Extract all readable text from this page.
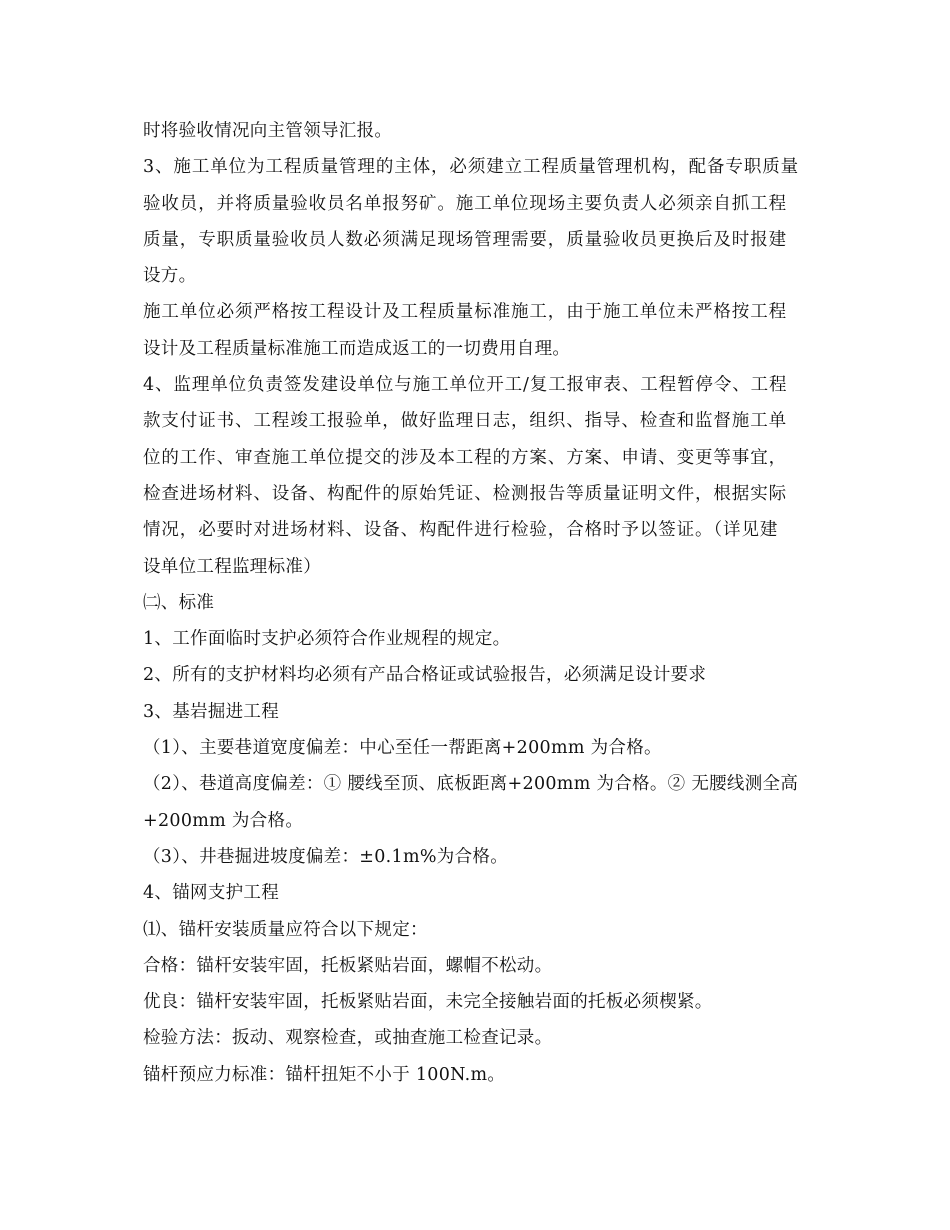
时将验收情况向主管领导汇报。
3、施工单位为工程质量管理的主体，必须建立工程质量管理机构，配备专职质量
验收员，并将质量验收员名单报努矿。施工单位现场主要负责人必须亲自抓工程
质量，专职质量验收员人数必须满足现场管理需要，质量验收员更换后及时报建
设方。
施工单位必须严格按工程设计及工程质量标准施工，由于施工单位未严格按工程
设计及工程质量标准施工而造成返工的一切费用自理。
4、监理单位负责签发建设单位与施工单位开工/复工报审表、工程暂停令、工程
款支付证书、工程竣工报验单，做好监理日志，组织、指导、检查和监督施工单
位的工作、审查施工单位提交的涉及本工程的方案、方案、申请、变更等事宜，
检查进场材料、设备、构配件的原始凭证、检测报告等质量证明文件，根据实际
情况，必要时对进场材料、设备、构配件进行检验，合格时予以签证。（详见建
设单位工程监理标准）
㈡、标准
1、工作面临时支护必须符合作业规程的规定。
2、所有的支护材料均必须有产品合格证或试验报告，必须满足设计要求
3、基岩掘进工程
（1）、主要巷道宽度偏差：中心至任一帮距离+200mm 为合格。
（2）、巷道高度偏差：① 腰线至顶、底板距离+200mm 为合格。② 无腰线测全高
+200mm 为合格。
（3）、井巷掘进坡度偏差：±0.1m%为合格。
4、锚网支护工程
⑴、锚杆安装质量应符合以下规定：
合格：锚杆安装牢固，托板紧贴岩面，螺帽不松动。
优良：锚杆安装牢固，托板紧贴岩面，未完全接触岩面的托板必须楔紧。
检验方法：扳动、观察检查，或抽查施工检查记录。
锚杆预应力标准：锚杆扭矩不小于 100N.m。
